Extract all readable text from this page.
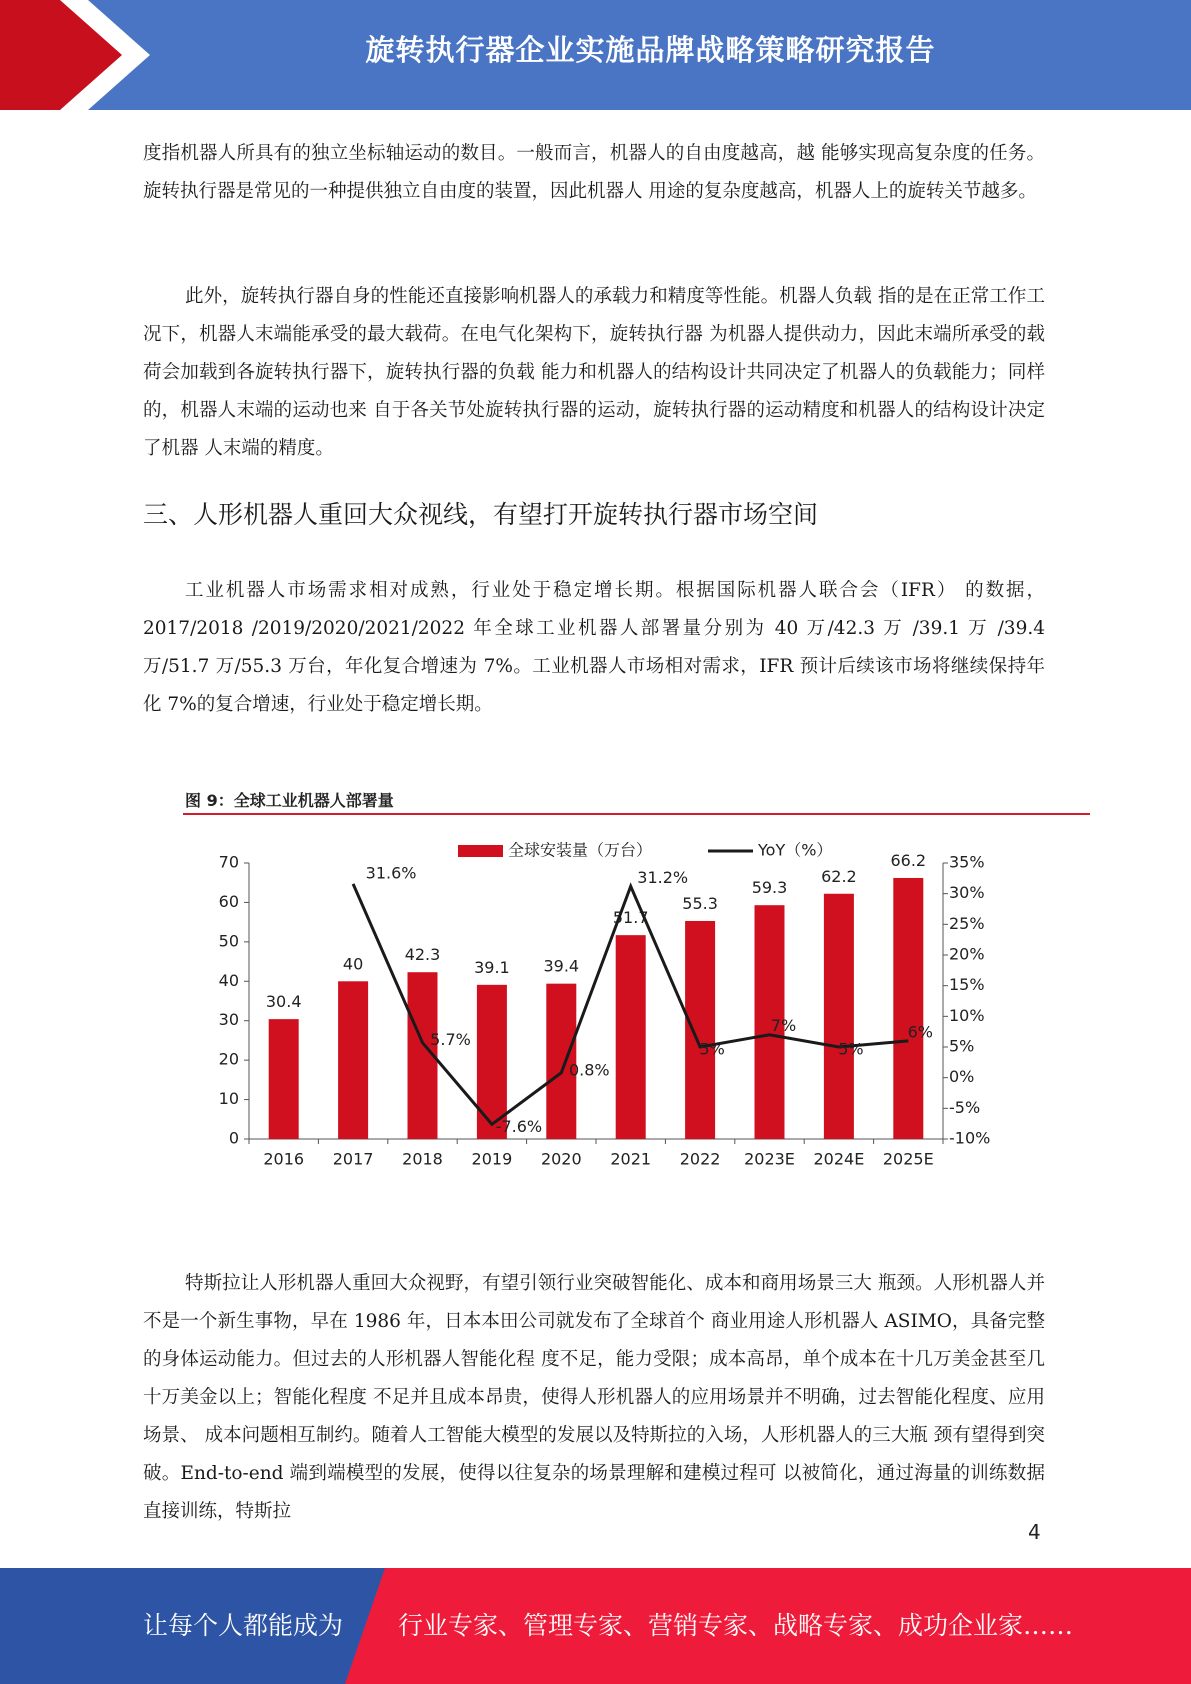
旋转执行器企业实施品牌战略策略研究报告

度指机器人所具有的独立坐标轴运动的数目。一般而言，机器人的自由度越高，越 能够实现高复杂度的任务。旋转执行器是常见的一种提供独立自由度的装置，因此机器人 用途的复杂度越高，机器人上的旋转关节越多。

此外，旋转执行器自身的性能还直接影响机器人的承载力和精度等性能。机器人负载 指的是在正常工作工况下，机器人末端能承受的最大载荷。在电气化架构下，旋转执行器 为机器人提供动力，因此末端所承受的载荷会加载到各旋转执行器下，旋转执行器的负载 能力和机器人的结构设计共同决定了机器人的负载能力；同样的，机器人末端的运动也来 自于各关节处旋转执行器的运动，旋转执行器的运动精度和机器人的结构设计决定了机器 人末端的精度。

三、人形机器人重回大众视线，有望打开旋转执行器市场空间

工业机器人市场需求相对成熟，行业处于稳定增长期。根据国际机器人联合会（IFR） 的数据，2017/2018 /2019/2020/2021/2022 年全球工业机器人部署量分别为 40 万/42.3 万 /39.1 万 /39.4 万/51.7 万/55.3 万台，年化复合增速为 7%。工业机器人市场相对需求，IFR 预计后续该市场将继续保持年化 7%的复合增速，行业处于稳定增长期。

图 9：全球工业机器人部署量
全球安装量（万台）	YoY（%）
0
10
20
30
40
50
60
70
-10%
-5%
0%
5%
10%
15%
20%
25%
30%
35%
30.4
40	42.3
39.1 39.4
51.7
55.3
59.3
62.2
66.2
2016 2017 2018 2019 2020 2021 2022 2023E 2024E 2025E
31.6%
5.7%
-7.6%
0.8%
31.2%
5%
7%
5%
6%

特斯拉让人形机器人重回大众视野，有望引领行业突破智能化、成本和商用场景三大 瓶颈。人形机器人并不是一个新生事物，早在 1986 年，日本本田公司就发布了全球首个 商业用途人形机器人 ASIMO，具备完整的身体运动能力。但过去的人形机器人智能化程 度不足，能力受限；成本高昂，单个成本在十几万美金甚至几十万美金以上；智能化程度 不足并且成本昂贵，使得人形机器人的应用场景并不明确，过去智能化程度、应用场景、 成本问题相互制约。随着人工智能大模型的发展以及特斯拉的入场，人形机器人的三大瓶 颈有望得到突破。End-to-end 端到端模型的发展，使得以往复杂的场景理解和建模过程可 以被简化，通过海量的训练数据直接训练，特斯拉

4
让每个人都能成为 行业专家、管理专家、营销专家、战略专家、成功企业家……
